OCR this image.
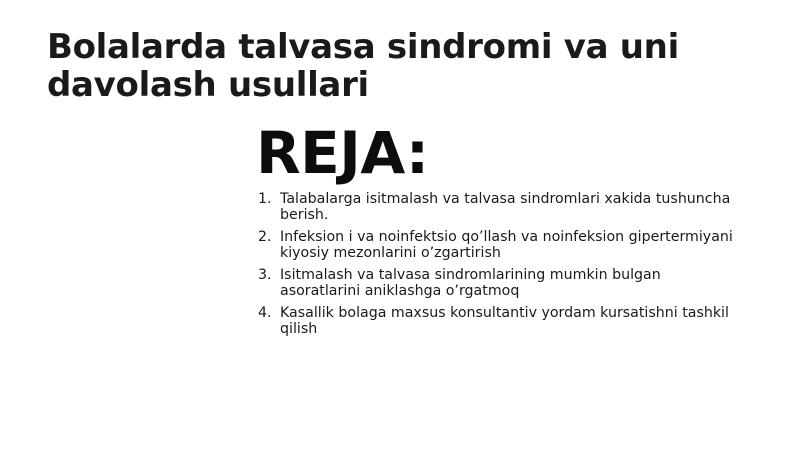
Bolalarda talvasa sindromi va uni davolash usullari
REJA:
1. Talabalarga isitmalash va talvasa sindromlari xakida tushuncha berish.
2. Infeksion i va noinfektsio qo’llash va noinfeksion gipertermiyani kiyosiy mezonlarini o’zgartirish
3. Isitmalash va talvasa sindromlarining mumkin bulgan asoratlarini aniklashga o’rgatmoq
4. Kasallik bolaga maxsus konsultantiv yordam kursatishni tashkil qilish
